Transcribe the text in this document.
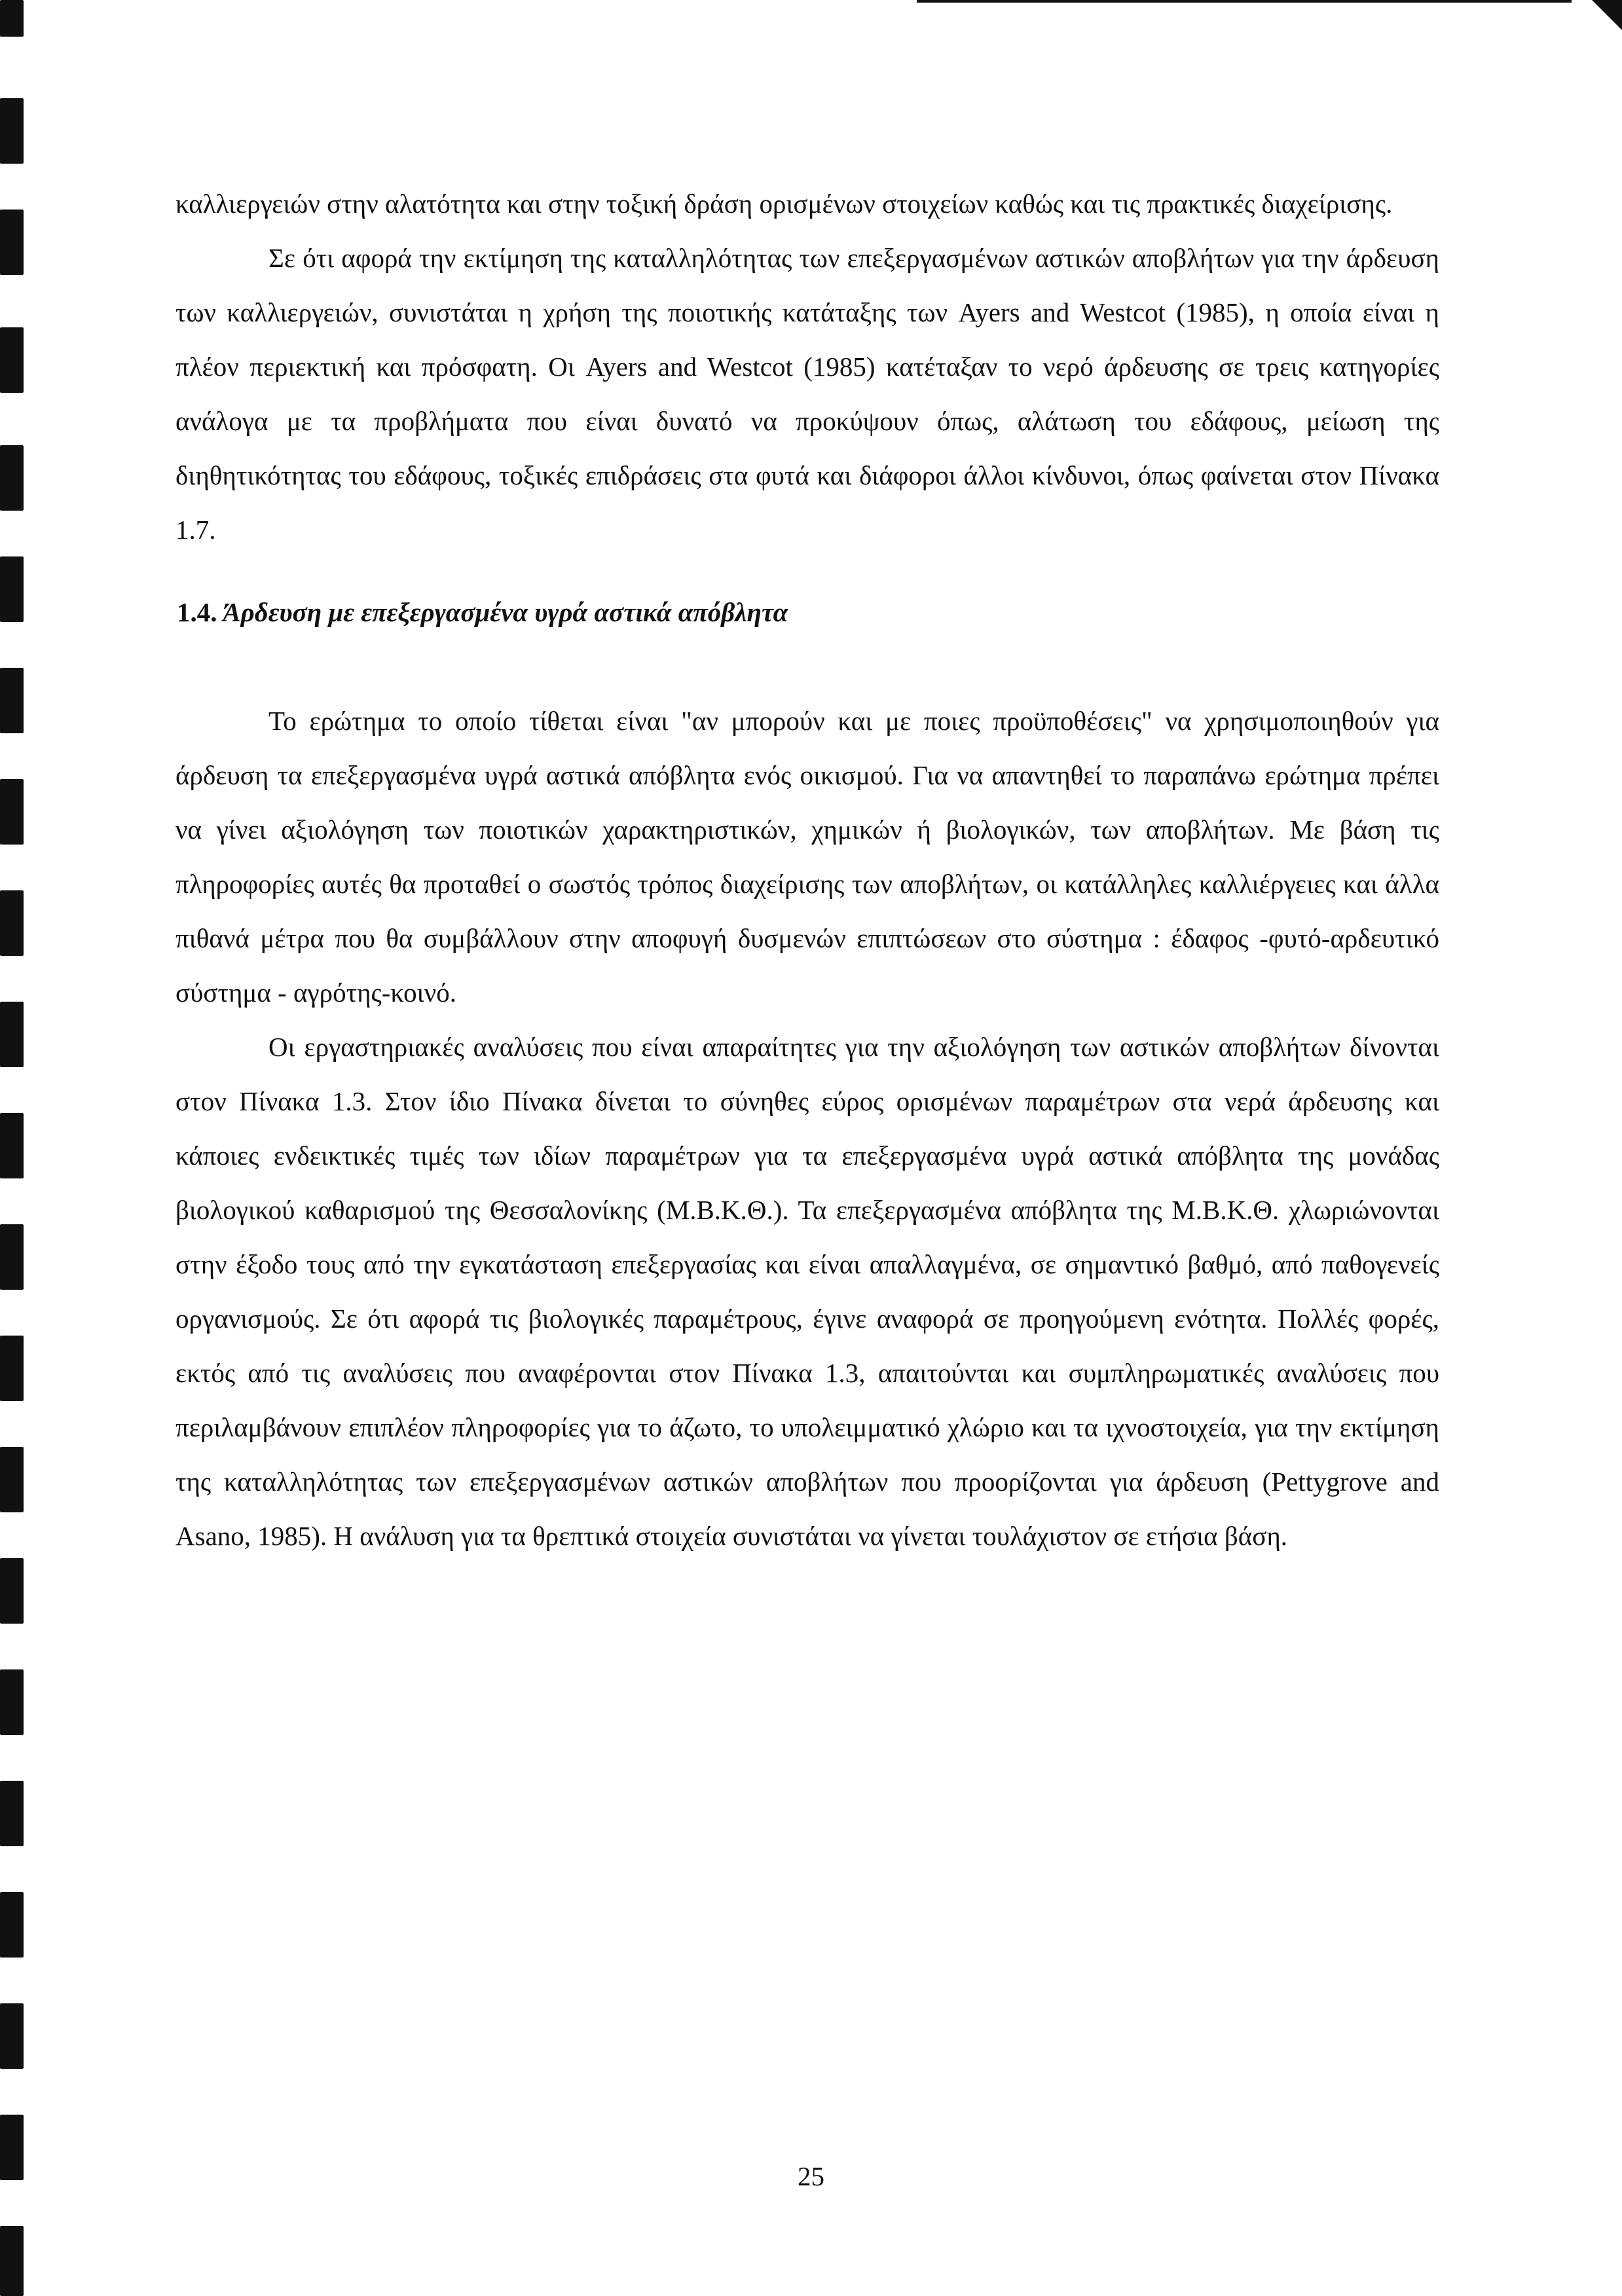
καλλιεργειών στην αλατότητα και στην τοξική δράση ορισμένων στοιχείων καθώς και τις πρακτικές διαχείρισης.

Σε ότι αφορά την εκτίμηση της καταλληλότητας των επεξεργασμένων αστικών αποβλήτων για την άρδευση των καλλιεργειών, συνιστάται η χρήση της ποιοτικής κατάταξης των Ayers and Westcot (1985), η οποία είναι η πλέον περιεκτική και πρόσφατη. Οι Ayers and Westcot (1985) κατέταξαν το νερό άρδευσης σε τρεις κατηγορίες ανάλογα με τα προβλήματα που είναι δυνατό να προκύψουν όπως, αλάτωση του εδάφους, μείωση της διηθητικότητας του εδάφους, τοξικές επιδράσεις στα φυτά και διάφοροι άλλοι κίνδυνοι, όπως φαίνεται στον Πίνακα 1.7.

1.4. Άρδευση με επεξεργασμένα υγρά αστικά απόβλητα

Το ερώτημα το οποίο τίθεται είναι "αν μπορούν και με ποιες προϋποθέσεις" να χρησιμοποιηθούν για άρδευση τα επεξεργασμένα υγρά αστικά απόβλητα ενός οικισμού. Για να απαντηθεί το παραπάνω ερώτημα πρέπει να γίνει αξιολόγηση των ποιοτικών χαρακτηριστικών, χημικών ή βιολογικών, των αποβλήτων. Με βάση τις πληροφορίες αυτές θα προταθεί ο σωστός τρόπος διαχείρισης των αποβλήτων, οι κατάλληλες καλλιέργειες και άλλα πιθανά μέτρα που θα συμβάλλουν στην αποφυγή δυσμενών επιπτώσεων στο σύστημα : έδαφος -φυτό-αρδευτικό σύστημα - αγρότης-κοινό.

Οι εργαστηριακές αναλύσεις που είναι απαραίτητες για την αξιολόγηση των αστικών αποβλήτων δίνονται στον Πίνακα 1.3. Στον ίδιο Πίνακα δίνεται το σύνηθες εύρος ορισμένων παραμέτρων στα νερά άρδευσης και κάποιες ενδεικτικές τιμές των ιδίων παραμέτρων για τα επεξεργασμένα υγρά αστικά απόβλητα της μονάδας βιολογικού καθαρισμού της Θεσσαλονίκης (Μ.Β.Κ.Θ.). Τα επεξεργασμένα απόβλητα της Μ.Β.Κ.Θ. χλωριώνονται στην έξοδο τους από την εγκατάσταση επεξεργασίας και είναι απαλλαγμένα, σε σημαντικό βαθμό, από παθογενείς οργανισμούς. Σε ότι αφορά τις βιολογικές παραμέτρους, έγινε αναφορά σε προηγούμενη ενότητα. Πολλές φορές, εκτός από τις αναλύσεις που αναφέρονται στον Πίνακα 1.3, απαιτούνται και συμπληρωματικές αναλύσεις που περιλαμβάνουν επιπλέον πληροφορίες για το άζωτο, το υπολειμματικό χλώριο και τα ιχνοστοιχεία, για την εκτίμηση της καταλληλότητας των επεξεργασμένων αστικών αποβλήτων που προορίζονται για άρδευση (Pettygrove and Asano, 1985). Η ανάλυση για τα θρεπτικά στοιχεία συνιστάται να γίνεται τουλάχιστον σε ετήσια βάση.

25
